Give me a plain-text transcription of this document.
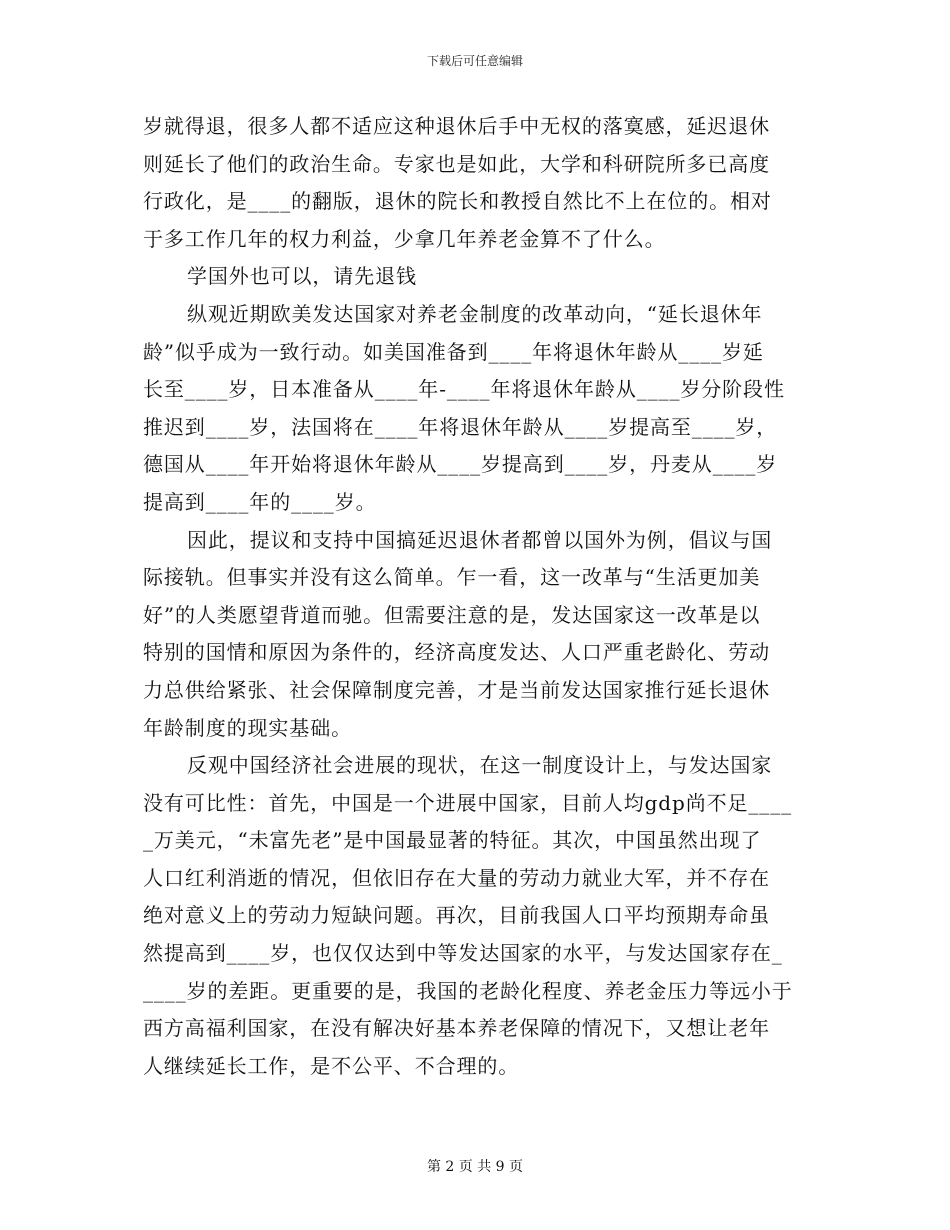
下载后可任意编辑
岁就得退，很多人都不适应这种退休后手中无权的落寞感，延迟退休
则延长了他们的政治生命。专家也是如此，大学和科研院所多已高度
行政化，是____的翻版，退休的院长和教授自然比不上在位的。相对
于多工作几年的权力利益，少拿几年养老金算不了什么。
学国外也可以，请先退钱
纵观近期欧美发达国家对养老金制度的改革动向，“延长退休年
龄”似乎成为一致行动。如美国准备到____年将退休年龄从____岁延
长至____岁，日本准备从____年-____年将退休年龄从____岁分阶段性
推迟到____岁，法国将在____年将退休年龄从____岁提高至____岁，
德国从____年开始将退休年龄从____岁提高到____岁，丹麦从____岁
提高到____年的____岁。
因此，提议和支持中国搞延迟退休者都曾以国外为例，倡议与国
际接轨。但事实并没有这么简单。乍一看，这一改革与“生活更加美
好”的人类愿望背道而驰。但需要注意的是，发达国家这一改革是以
特别的国情和原因为条件的，经济高度发达、人口严重老龄化、劳动
力总供给紧张、社会保障制度完善，才是当前发达国家推行延长退休
年龄制度的现实基础。
反观中国经济社会进展的现状，在这一制度设计上，与发达国家
没有可比性：首先，中国是一个进展中国家，目前人均gdp尚不足____
_万美元，“未富先老”是中国最显著的特征。其次，中国虽然出现了
人口红利消逝的情况，但依旧存在大量的劳动力就业大军，并不存在
绝对意义上的劳动力短缺问题。再次，目前我国人口平均预期寿命虽
然提高到____岁，也仅仅达到中等发达国家的水平，与发达国家存在_
____岁的差距。更重要的是，我国的老龄化程度、养老金压力等远小于
西方高福利国家，在没有解决好基本养老保障的情况下，又想让老年
人继续延长工作，是不公平、不合理的。
第 2 页 共 9 页
